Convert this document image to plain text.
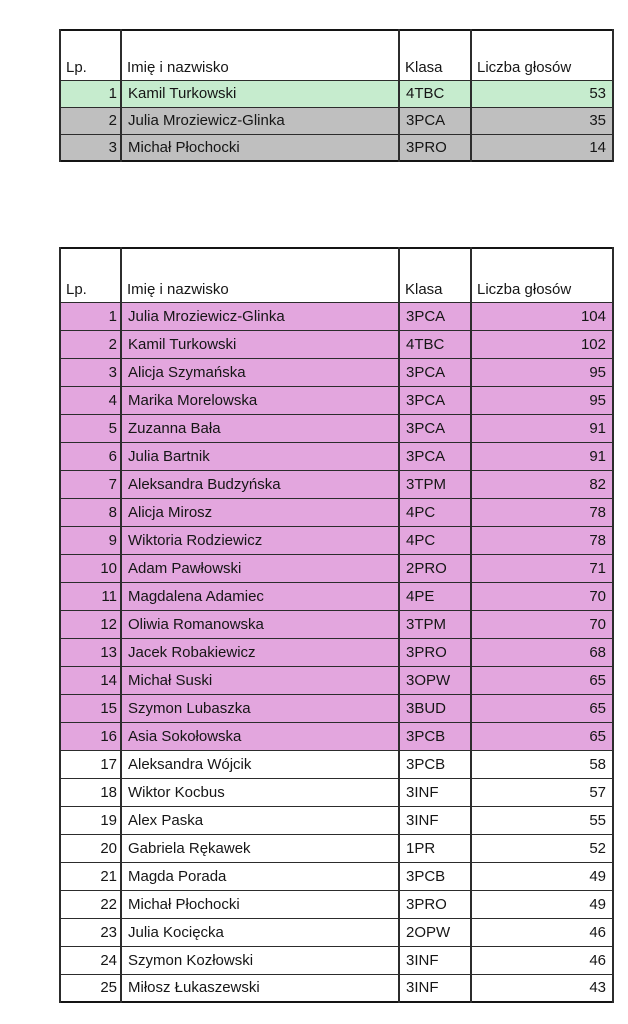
Lp.	Imię i nazwisko	Klasa	Liczba głosów
1	Kamil Turkowski	4TBC	53
2	Julia Mroziewicz-Glinka	3PCA	35
3	Michał Płochocki	3PRO	14
Lp.	Imię i nazwisko	Klasa	Liczba głosów
1	Julia Mroziewicz-Glinka	3PCA	104
2	Kamil Turkowski	4TBC	102
3	Alicja Szymańska	3PCA	95
4	Marika Morelowska	3PCA	95
5	Zuzanna Bała	3PCA	91
6	Julia Bartnik	3PCA	91
7	Aleksandra Budzyńska	3TPM	82
8	Alicja Mirosz	4PC	78
9	Wiktoria Rodziewicz	4PC	78
10	Adam Pawłowski	2PRO	71
11	Magdalena Adamiec	4PE	70
12	Oliwia Romanowska	3TPM	70
13	Jacek Robakiewicz	3PRO	68
14	Michał Suski	3OPW	65
15	Szymon Lubaszka	3BUD	65
16	Asia Sokołowska	3PCB	65
17	Aleksandra Wójcik	3PCB	58
18	Wiktor Kocbus	3INF	57
19	Alex Paska	3INF	55
20	Gabriela Rękawek	1PR	52
21	Magda Porada	3PCB	49
22	Michał Płochocki	3PRO	49
23	Julia Kocięcka	2OPW	46
24	Szymon Kozłowski	3INF	46
25	Miłosz Łukaszewski	3INF	43
